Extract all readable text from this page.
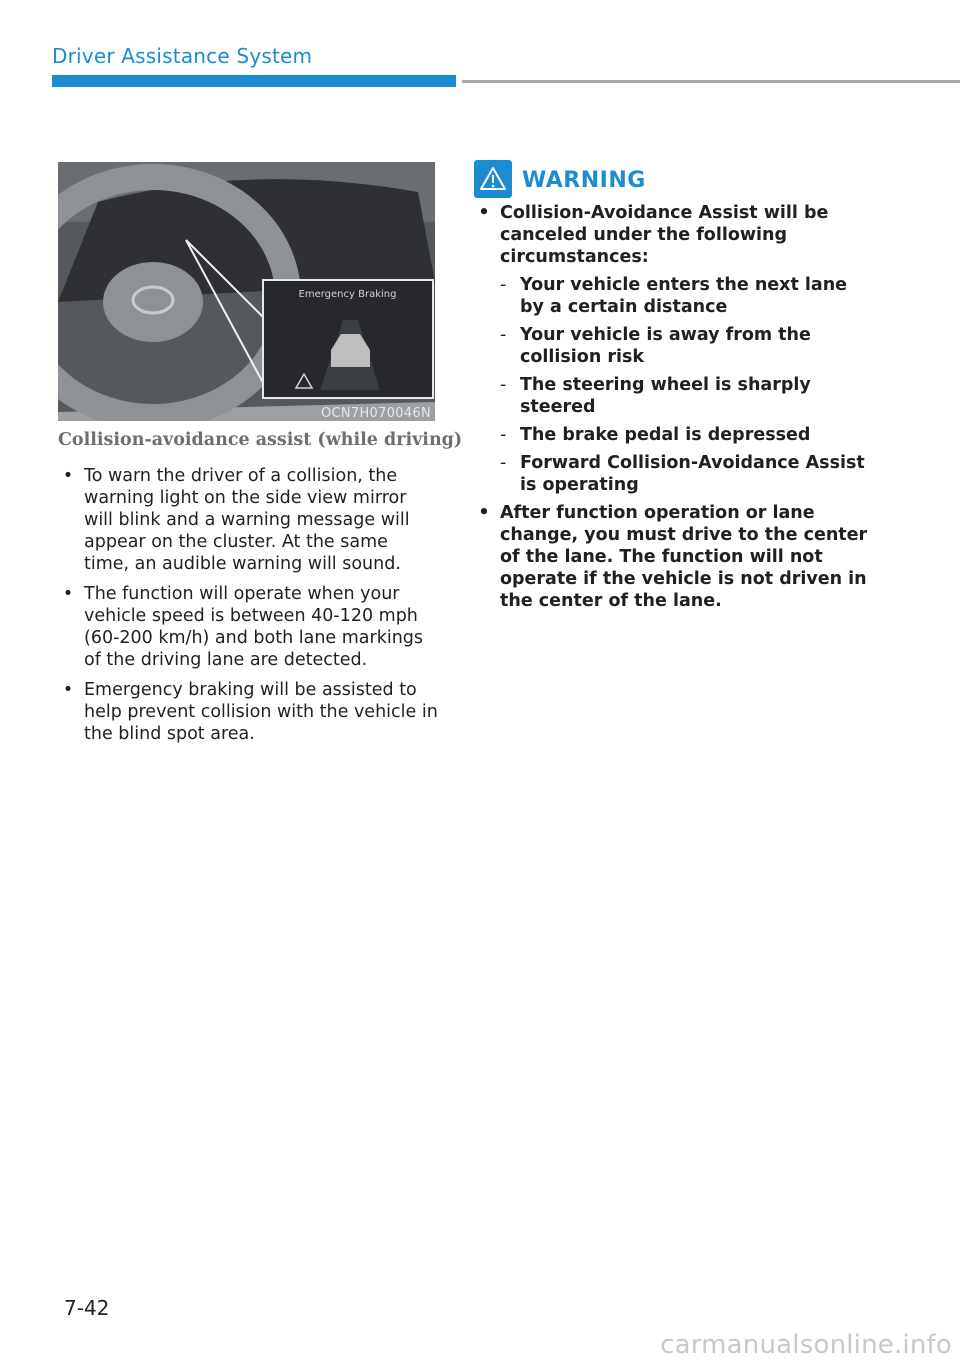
Driver Assistance System
Emergency Braking
OCN7H070046N
Collision-avoidance assist (while driving)
• To warn the driver of a collision, the warning light on the side view mirror will blink and a warning message will appear on the cluster. At the same time, an audible warning will sound.
• The function will operate when your vehicle speed is between 40-120 mph (60-200 km/h) and both lane markings of the driving lane are detected.
• Emergency braking will be assisted to help prevent collision with the vehicle in the blind spot area.
WARNING
• Collision-Avoidance Assist will be canceled under the following circumstances:
- Your vehicle enters the next lane by a certain distance
- Your vehicle is away from the collision risk
- The steering wheel is sharply steered
- The brake pedal is depressed
- Forward Collision-Avoidance Assist is operating
• After function operation or lane change, you must drive to the center of the lane. The function will not operate if the vehicle is not driven in the center of the lane.
7-42
carmanualsonline.info
